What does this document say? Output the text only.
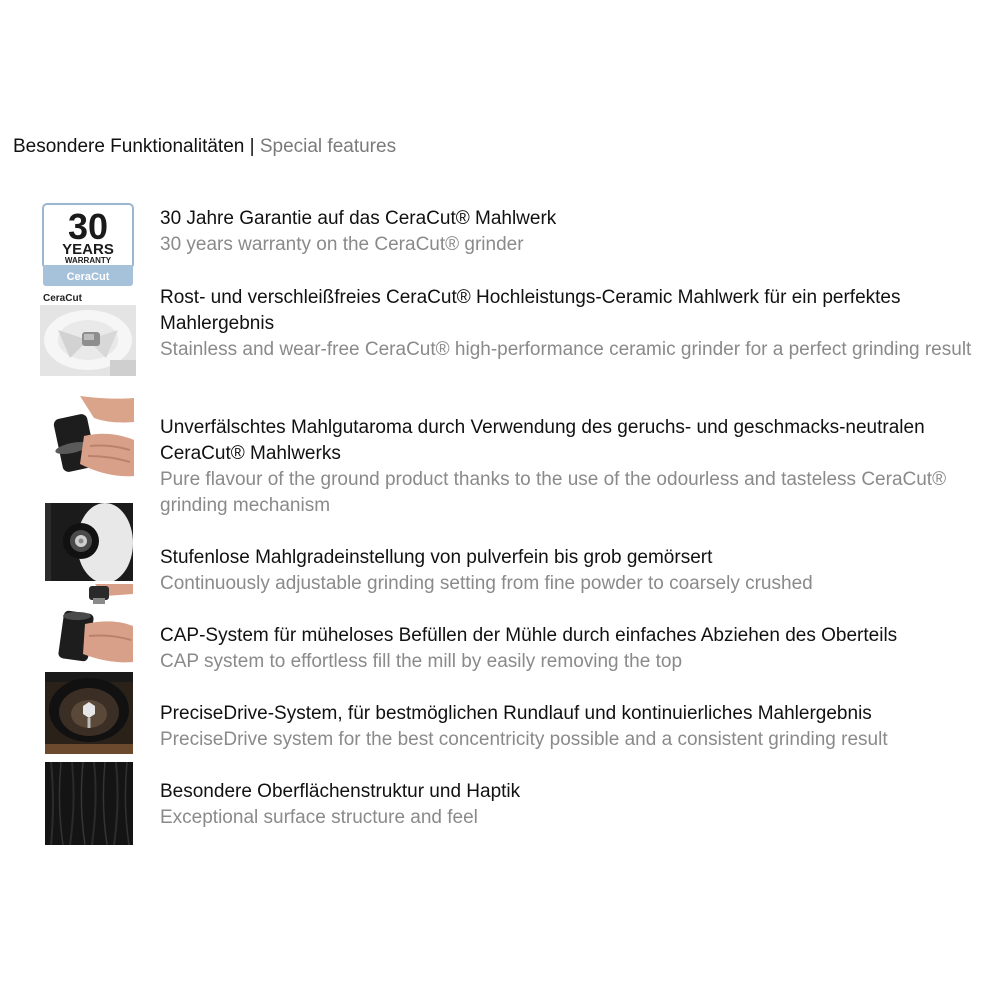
Besondere Funktionalitäten | Special features
30
YEARS
WARRANTY
CeraCut
30 Jahre Garantie auf das CeraCut® Mahlwerk
30 years warranty on the CeraCut® grinder
CeraCut	Rost- und verschleißfreies CeraCut® Hochleistungs-Ceramic Mahlwerk für ein perfektes Mahlergebnis
Stainless and wear-free CeraCut® high-performance ceramic grinder for a perfect grinding result
Unverfälschtes Mahlgutaroma durch Verwendung des geruchs- und geschmacks-neutralen CeraCut® Mahlwerks
Pure flavour of the ground product thanks to the use of the odourless and tasteless CeraCut® grinding mechanism
Stufenlose Mahlgradeinstellung von pulverfein bis grob gemörsert
Continuously adjustable grinding setting from fine powder to coarsely crushed
CAP-System für müheloses Befüllen der Mühle durch einfaches Abziehen des Oberteils
CAP system to effortless fill the mill by easily removing the top
PreciseDrive-System, für bestmöglichen Rundlauf und kontinuierliches Mahlergebnis
PreciseDrive system for the best concentricity possible and a consistent grinding result
Besondere Oberflächenstruktur und Haptik
Exceptional surface structure and feel
